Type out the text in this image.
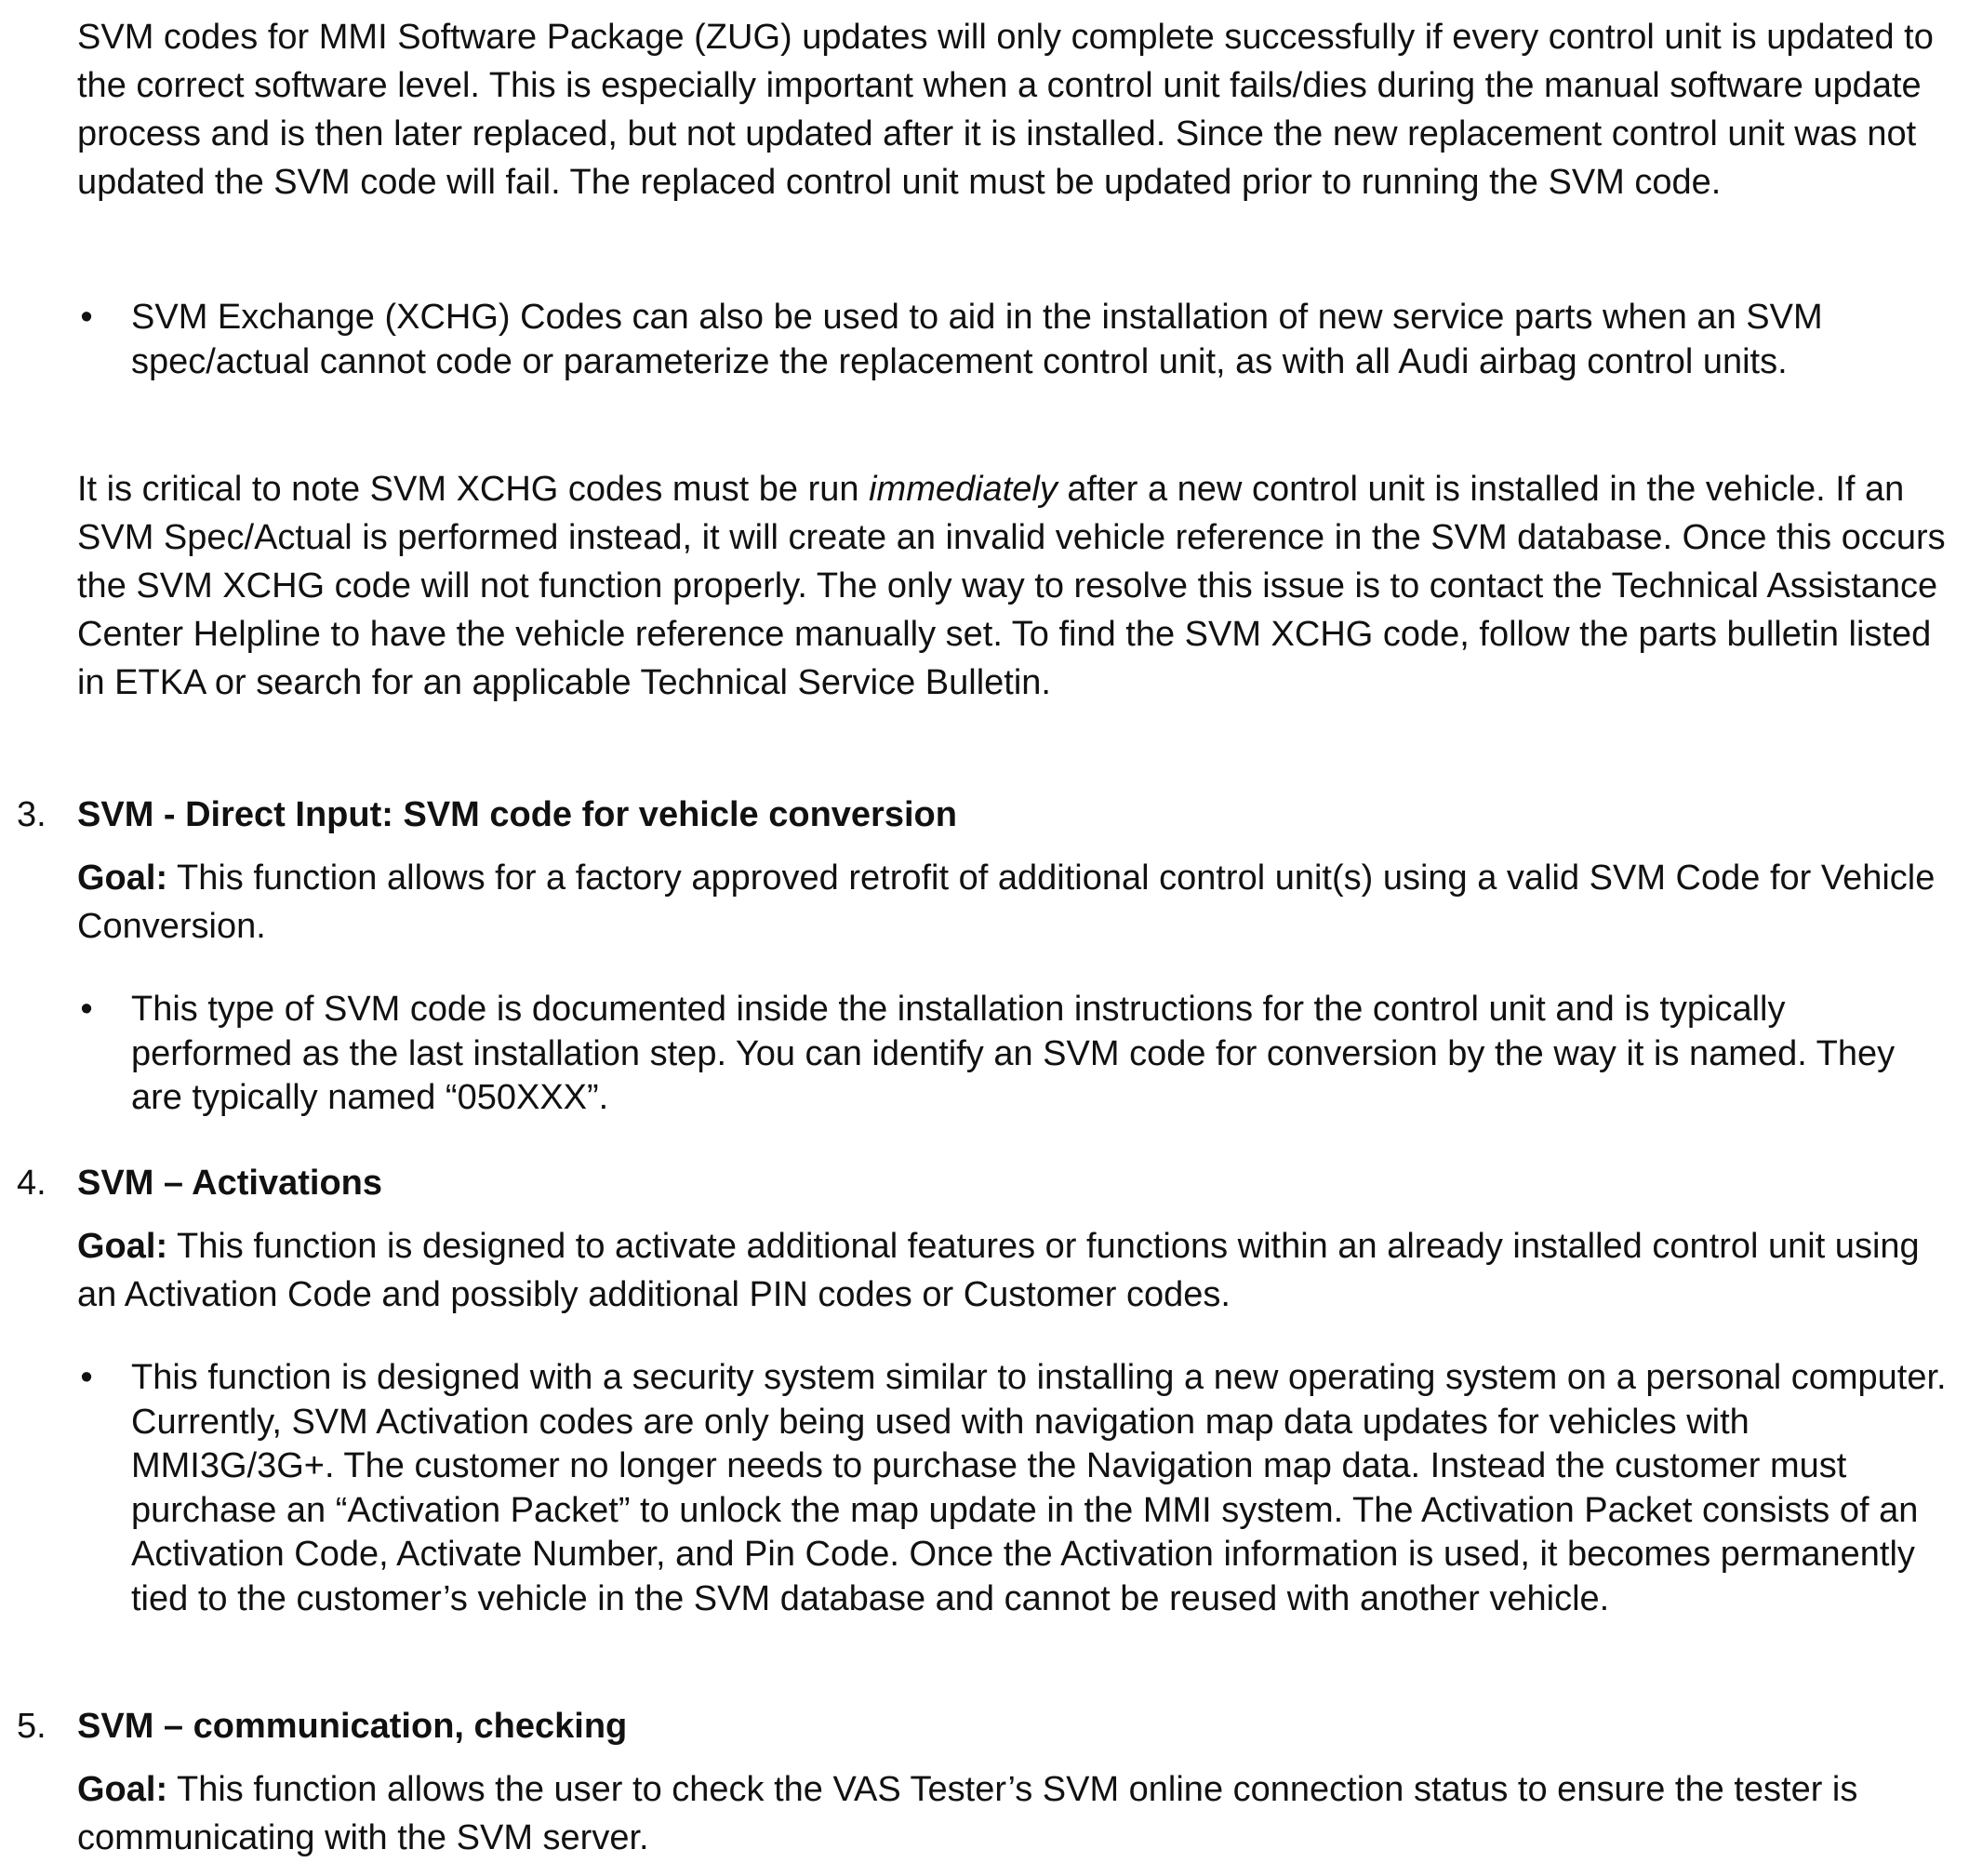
SVM codes for MMI Software Package (ZUG) updates will only complete successfully if every control unit is updated to the correct software level. This is especially important when a control unit fails/dies during the manual software update process and is then later replaced, but not updated after it is installed. Since the new replacement control unit was not updated the SVM code will fail. The replaced control unit must be updated prior to running the SVM code.

• SVM Exchange (XCHG) Codes can also be used to aid in the installation of new service parts when an SVM spec/actual cannot code or parameterize the replacement control unit, as with all Audi airbag control units.

It is critical to note SVM XCHG codes must be run immediately after a new control unit is installed in the vehicle. If an SVM Spec/Actual is performed instead, it will create an invalid vehicle reference in the SVM database. Once this occurs the SVM XCHG code will not function properly. The only way to resolve this issue is to contact the Technical Assistance Center Helpline to have the vehicle reference manually set. To find the SVM XCHG code, follow the parts bulletin listed in ETKA or search for an applicable Technical Service Bulletin.

3. SVM - Direct Input: SVM code for vehicle conversion

Goal: This function allows for a factory approved retrofit of additional control unit(s) using a valid SVM Code for Vehicle Conversion.

• This type of SVM code is documented inside the installation instructions for the control unit and is typically performed as the last installation step. You can identify an SVM code for conversion by the way it is named. They are typically named “050XXX”.

4. SVM – Activations

Goal: This function is designed to activate additional features or functions within an already installed control unit using an Activation Code and possibly additional PIN codes or Customer codes.

• This function is designed with a security system similar to installing a new operating system on a personal computer. Currently, SVM Activation codes are only being used with navigation map data updates for vehicles with MMI3G/3G+. The customer no longer needs to purchase the Navigation map data. Instead the customer must purchase an “Activation Packet” to unlock the map update in the MMI system. The Activation Packet consists of an Activation Code, Activate Number, and Pin Code. Once the Activation information is used, it becomes permanently tied to the customer’s vehicle in the SVM database and cannot be reused with another vehicle.

5. SVM – communication, checking

Goal: This function allows the user to check the VAS Tester’s SVM online connection status to ensure the tester is communicating with the SVM server.
